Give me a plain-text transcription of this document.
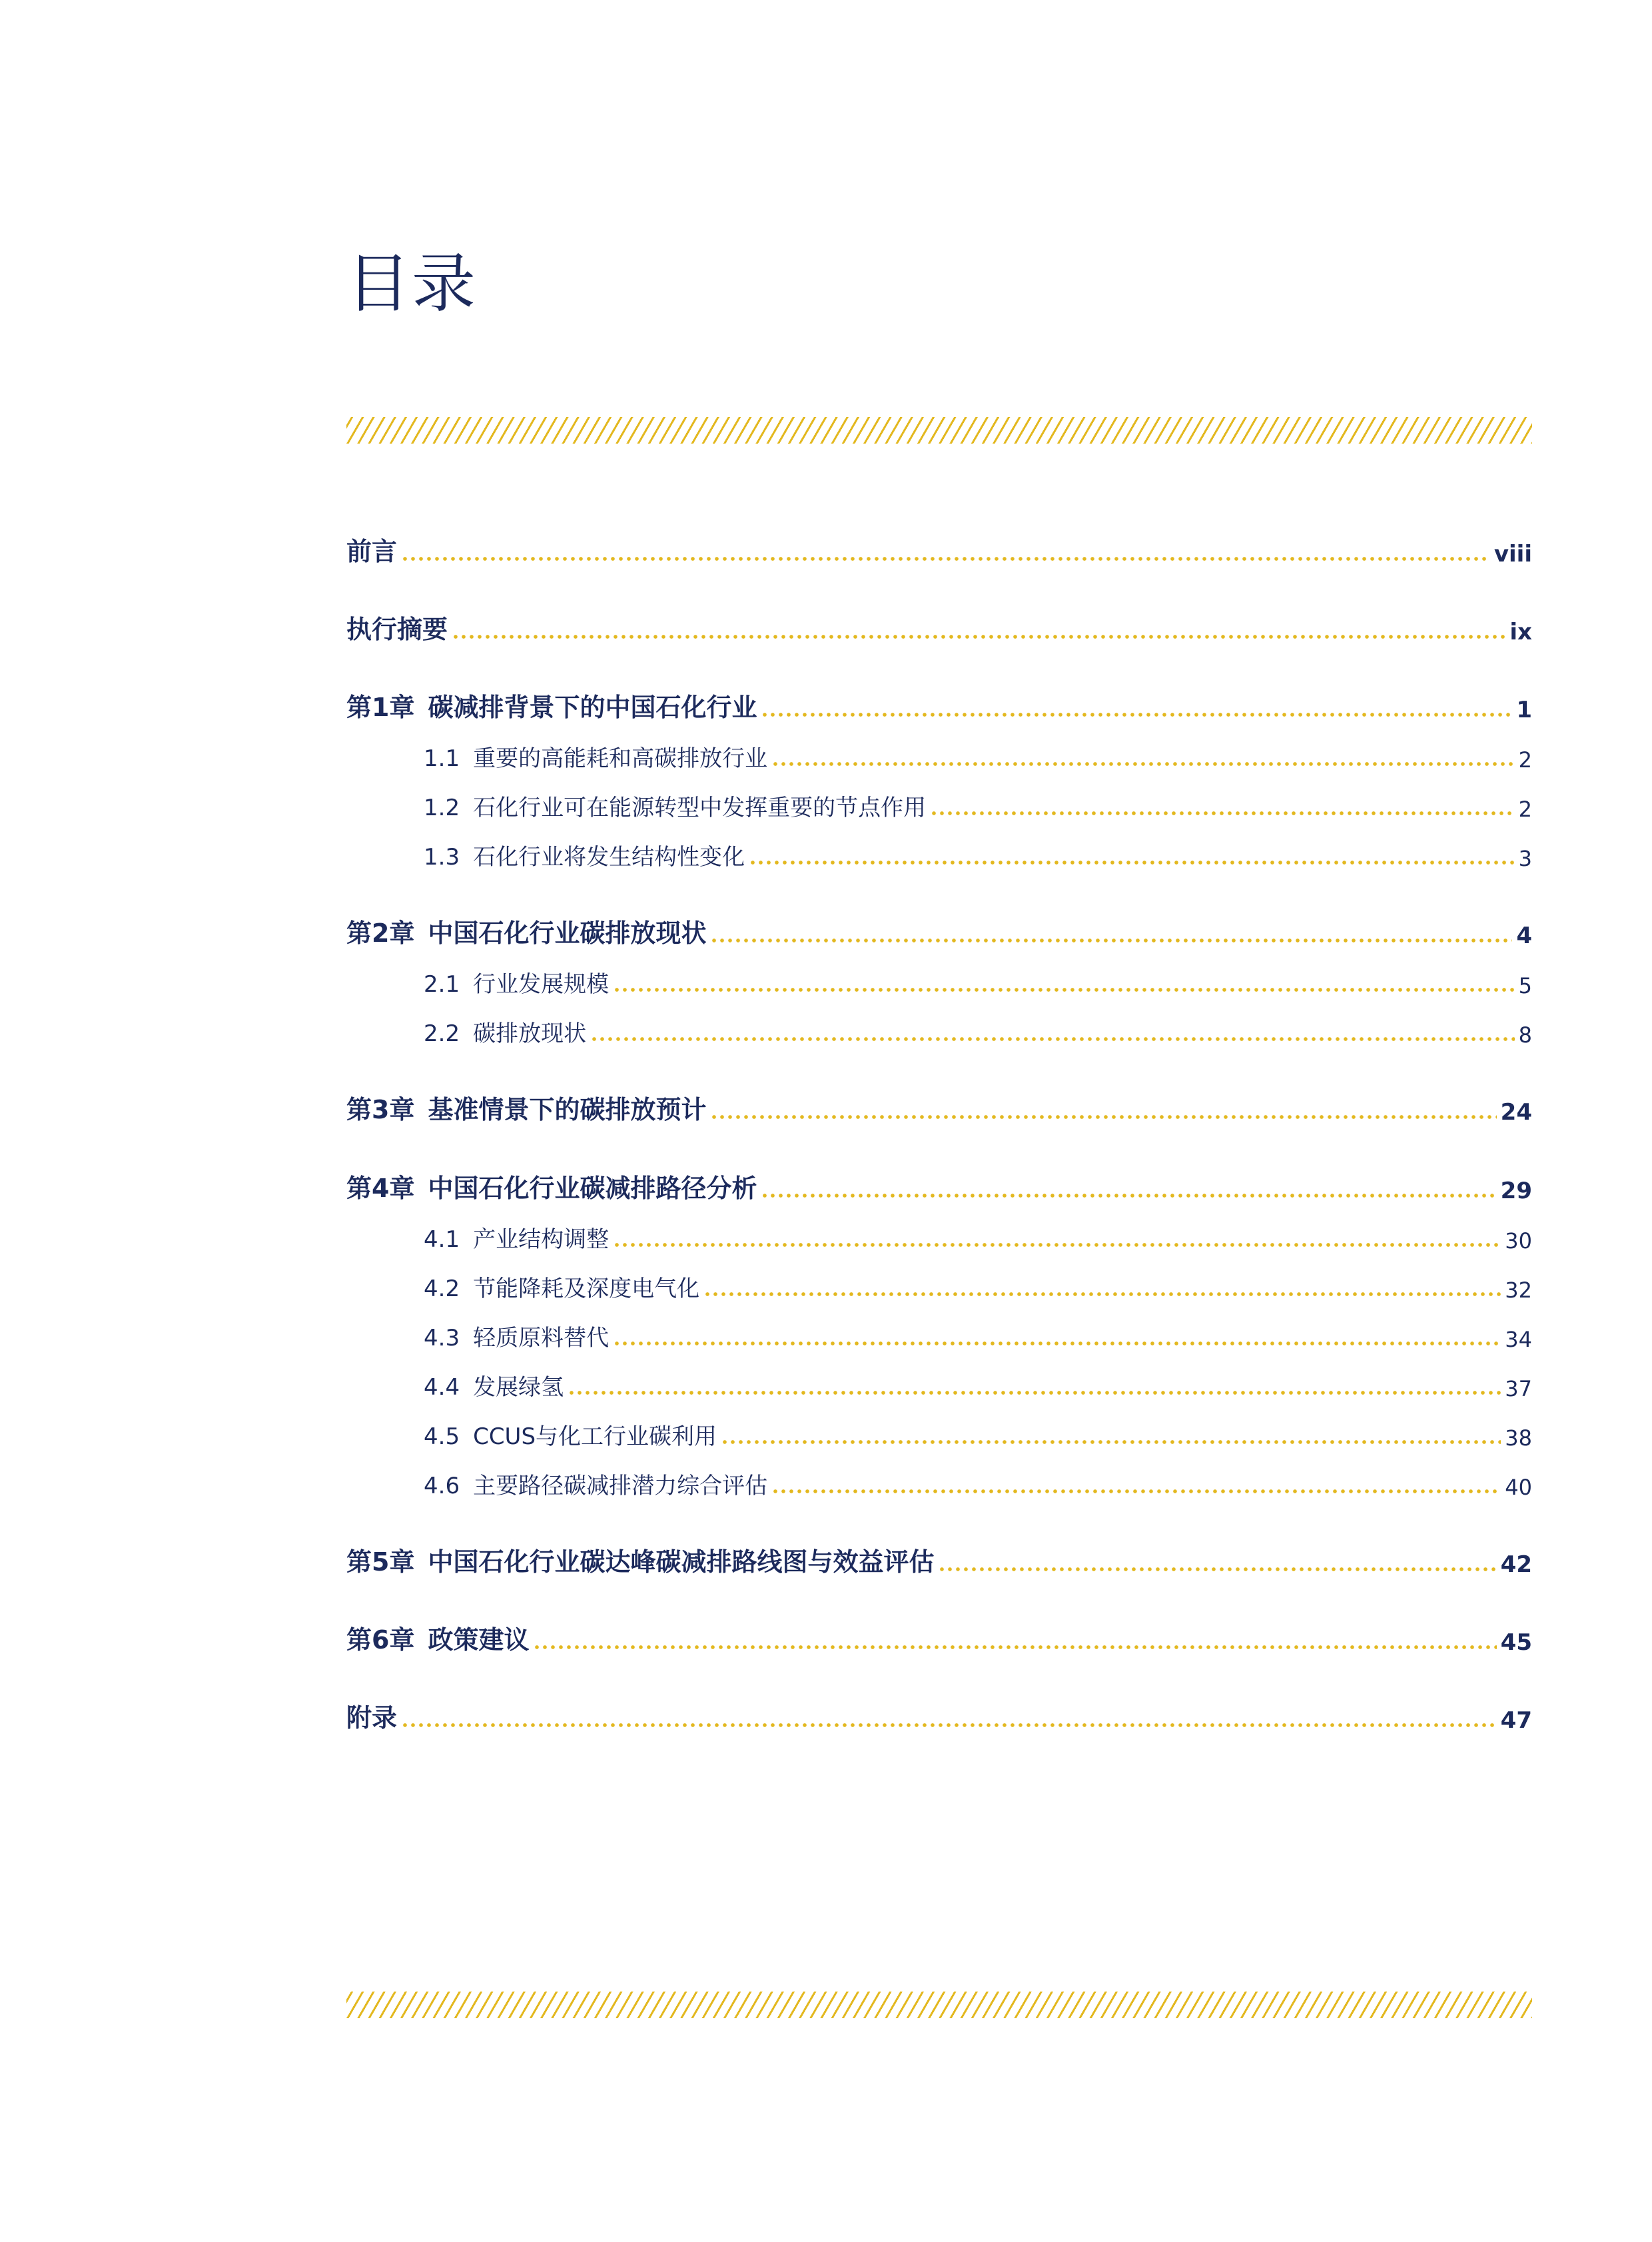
目录
前言	viii
执行摘要	ix
第1章 碳减排背景下的中国石化行业	1
1.1 重要的高能耗和高碳排放行业	2
1.2 石化行业可在能源转型中发挥重要的节点作用	2
1.3 石化行业将发生结构性变化	3
第2章 中国石化行业碳排放现状	4
2.1 行业发展规模	5
2.2 碳排放现状	8
第3章 基准情景下的碳排放预计	24
第4章 中国石化行业碳减排路径分析	29
4.1 产业结构调整	30
4.2 节能降耗及深度电气化	32
4.3 轻质原料替代	34
4.4 发展绿氢	37
4.5 CCUS与化工行业碳利用	38
4.6 主要路径碳减排潜力综合评估	40
第5章 中国石化行业碳达峰碳减排路线图与效益评估	42
第6章 政策建议	45
附录	47
